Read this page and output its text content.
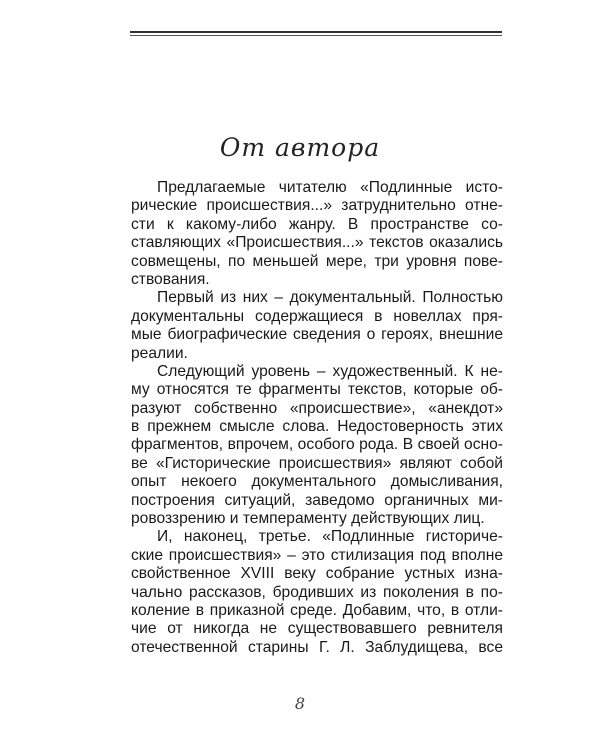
От автора
Предлагаемые читателю «Подлинные исто-
рические происшествия...» затруднительно отне-
сти к какому-либо жанру. В пространстве со-
ставляющих «Происшествия...» текстов оказались
совмещены, по меньшей мере, три уровня пове-
ствования.
Первый из них – документальный. Полностью
документальны содержащиеся в новеллах пря-
мые биографические сведения о героях, внешние
реалии.
Следующий уровень – художественный. К не-
му относятся те фрагменты текстов, которые об-
разуют собственно «происшествие», «анекдот»
в прежнем смысле слова. Недостоверность этих
фрагментов, впрочем, особого рода. В своей осно-
ве «Гисторические происшествия» являют собой
опыт некоего документального домысливания,
построения ситуаций, заведомо органичных ми-
ровоззрению и темпераменту действующих лиц.
И, наконец, третье. «Подлинные гисториче-
ские происшествия» – это стилизация под вполне
свойственное XVIII веку собрание устных изна-
чально рассказов, бродивших из поколения в по-
коление в приказной среде. Добавим, что, в отли-
чие от никогда не существовавшего ревнителя
отечественной старины Г. Л. Заблудищева, все
8
